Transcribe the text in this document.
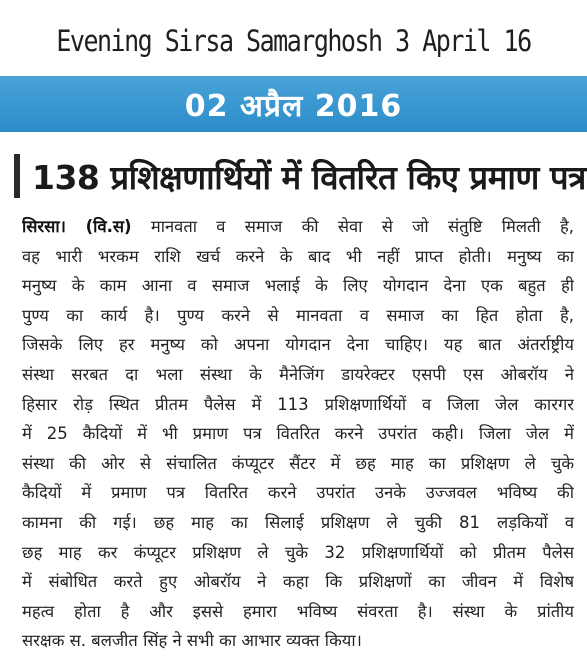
Evening Sirsa Samarghosh 3 April 16
02 अप्रैल 2016
138 प्रशिक्षणार्थियों में वितरित किए प्रमाण पत्र
सिरसा। (वि.स) मानवता व समाज की सेवा से जो संतुष्टि मिलती है,
वह भारी भरकम राशि खर्च करने के बाद भी नहीं प्राप्त होती। मनुष्य का
मनुष्य के काम आना व समाज भलाई के लिए योगदान देना एक बहुत ही
पुण्य का कार्य है। पुण्य करने से मानवता व समाज का हित होता है,
जिसके लिए हर मनुष्य को अपना योगदान देना चाहिए। यह बात अंतर्राष्ट्रीय
संस्था सरबत दा भला संस्था के मैनेजिंग डायरेक्टर एसपी एस ओबरॉय ने
हिसार रोड़ स्थित प्रीतम पैलेस में 113 प्रशिक्षणार्थियों व जिला जेल कारगर
में 25 कैदियों में भी प्रमाण पत्र वितरित करने उपरांत कही। जिला जेल में
संस्था की ओर से संचालित कंप्यूटर सैंटर में छह माह का प्रशिक्षण ले चुके
कैदियों में प्रमाण पत्र वितरित करने उपरांत उनके उज्जवल भविष्य की
कामना की गई। छह माह का सिलाई प्रशिक्षण ले चुकी 81 लड़कियों व
छह माह कर कंप्यूटर प्रशिक्षण ले चुके 32 प्रशिक्षणार्थियों को प्रीतम पैलेस
में संबोधित करते हुए ओबरॉय ने कहा कि प्रशिक्षणों का जीवन में विशेष
महत्व होता है और इससे हमारा भविष्य संवरता है। संस्था के प्रांतीय
सरक्षक स. बलजीत सिंह ने सभी का आभार व्यक्त किया।
